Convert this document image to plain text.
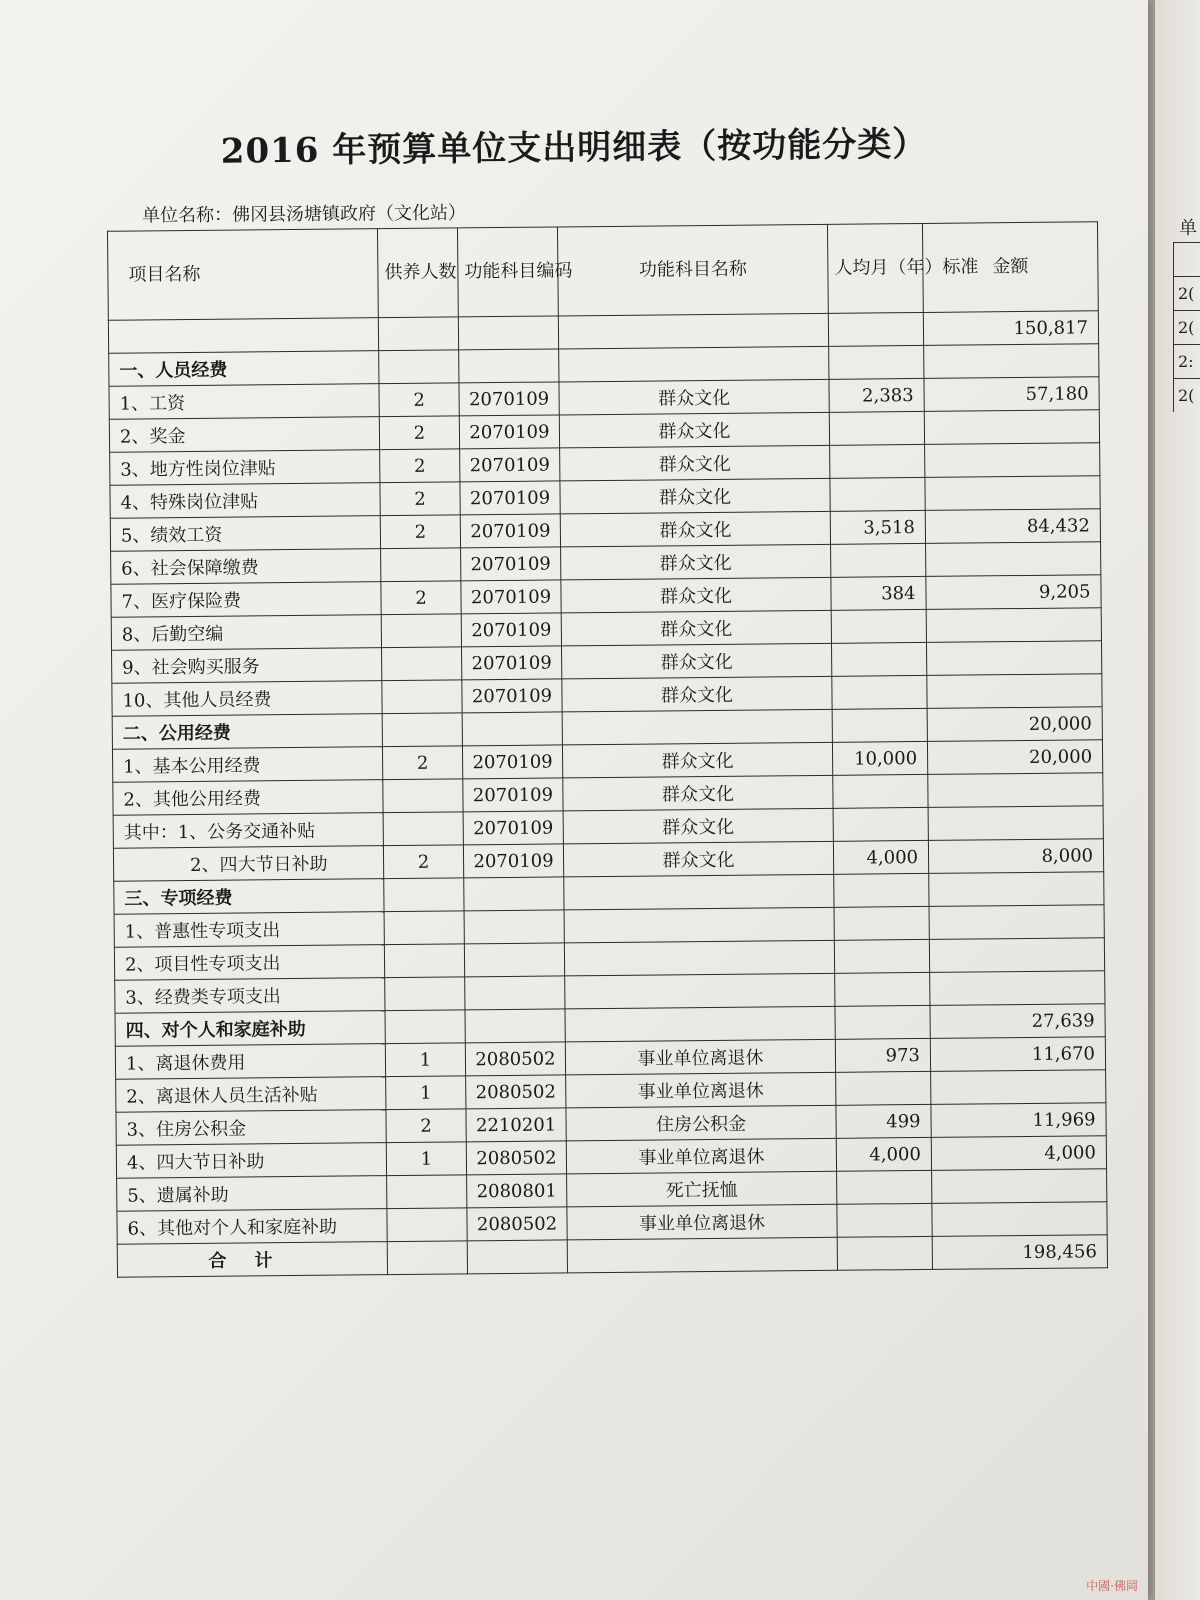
2016 年预算单位支出明细表（按功能分类）
单位名称：佛冈县汤塘镇政府（文化站）
项目名称	供养人数	功能科目编码	功能科目名称	人均月（年）标准	金额
					150,817
一、人员经费					
1、工资	2	2070109	群众文化	2,383	57,180
2、奖金	2	2070109	群众文化		
3、地方性岗位津贴	2	2070109	群众文化		
4、特殊岗位津贴	2	2070109	群众文化		
5、绩效工资	2	2070109	群众文化	3,518	84,432
6、社会保障缴费		2070109	群众文化		
7、医疗保险费	2	2070109	群众文化	384	9,205
8、后勤空编		2070109	群众文化		
9、社会购买服务		2070109	群众文化		
10、其他人员经费		2070109	群众文化		
二、公用经费					20,000
1、基本公用经费	2	2070109	群众文化	10,000	20,000
2、其他公用经费		2070109	群众文化		
其中：1、公务交通补贴		2070109	群众文化		
2、四大节日补助	2	2070109	群众文化	4,000	8,000
三、专项经费					
1、普惠性专项支出					
2、项目性专项支出					
3、经费类专项支出					
四、对个人和家庭补助					27,639
1、离退休费用	1	2080502	事业单位离退休	973	11,670
2、离退休人员生活补贴	1	2080502	事业单位离退休		
3、住房公积金	2	2210201	住房公积金	499	11,969
4、四大节日补助	1	2080502	事业单位离退休	4,000	4,000
5、遗属补助		2080801	死亡抚恤		
6、其他对个人和家庭补助		2080502	事业单位离退休		
合计					198,456
中國·佛岡
单
2(
2(
2:
2(
